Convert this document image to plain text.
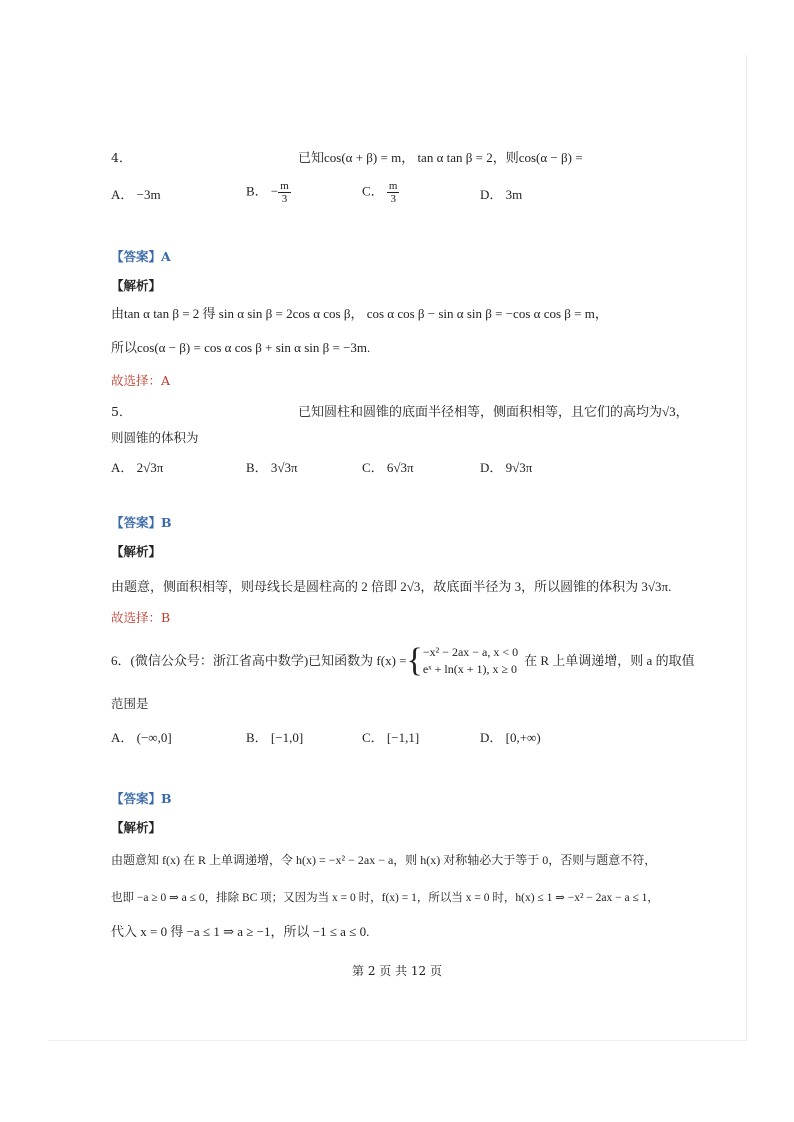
4．	已知cos(α + β) = m， tan α tan β = 2，则cos(α − β) =
A． −3m	B． − $\frac{m}{3}$	C． $\frac{m}{3}$	D． 3m
【答案】A
【解析】
由tan α tan β = 2 得 sin α sin β = 2cos α cos β， cos α cos β − sin α sin β = −cos α cos β = m，
所以cos(α − β) = cos α cos β + sin α sin β = −3m.
故选择：A
5．	已知圆柱和圆锥的底面半径相等，侧面积相等，且它们的高均为√3，
则圆锥的体积为
A． 2√3π	B． 3√3π	C． 6√3π	D． 9√3π
【答案】B
【解析】
由题意，侧面积相等，则母线长是圆柱高的 2 倍即 2√3，故底面半径为 3，所以圆锥的体积为 3√3π.
故选择：B
6．(微信公众号：浙江省高中数学)已知函数为 f(x) = { −x² − 2ax − a, x < 0
eˣ + ln(x + 1), x ≥ 0
在 R 上单调递增，则 a 的取值
范围是
A． (−∞,0]	B． [−1,0]	C． [−1,1]	D． [0,+∞)
【答案】B
【解析】
由题意知 f(x) 在 R 上单调递增，令 h(x) = −x² − 2ax − a，则 h(x) 对称轴必大于等于 0，否则与题意不符，
也即 −a ≥ 0 ⇒ a ≤ 0，排除 BC 项；又因为当 x = 0 时，f(x) = 1，所以当 x = 0 时，h(x) ≤ 1 ⇒ −x² − 2ax − a ≤ 1，
代入 x = 0 得 −a ≤ 1 ⇒ a ≥ −1，所以 −1 ≤ a ≤ 0.
第 2 页 共 12 页
